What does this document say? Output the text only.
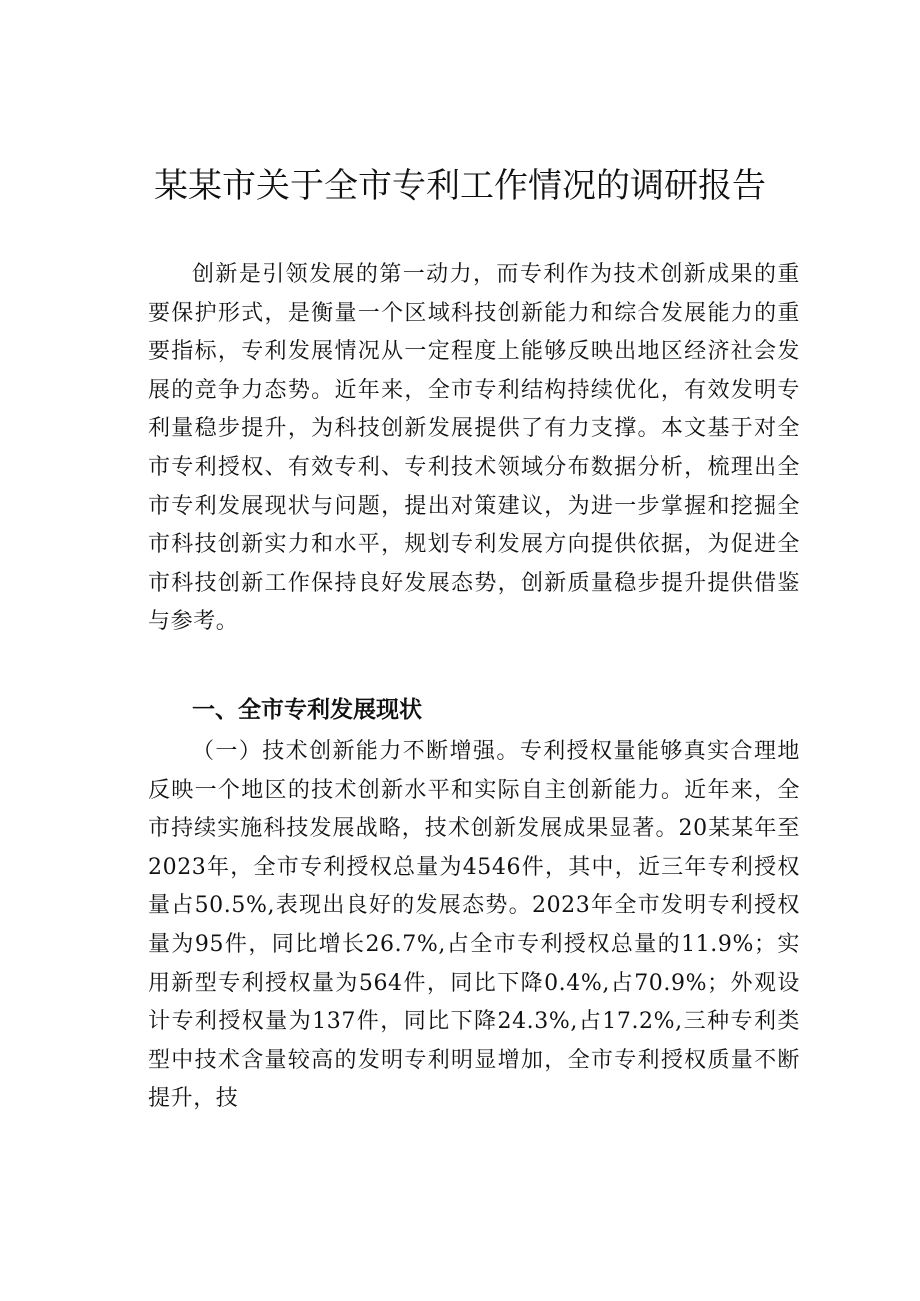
某某市关于全市专利工作情况的调研报告

创新是引领发展的第一动力，而专利作为技术创新成果的重要保护形式，是衡量一个区域科技创新能力和综合发展能力的重要指标，专利发展情况从一定程度上能够反映出地区经济社会发展的竞争力态势。近年来，全市专利结构持续优化，有效发明专利量稳步提升，为科技创新发展提供了有力支撑。本文基于对全市专利授权、有效专利、专利技术领域分布数据分析，梳理出全市专利发展现状与问题，提出对策建议，为进一步掌握和挖掘全市科技创新实力和水平，规划专利发展方向提供依据，为促进全市科技创新工作保持良好发展态势，创新质量稳步提升提供借鉴与参考。

一、全市专利发展现状

（一）技术创新能力不断增强。专利授权量能够真实合理地反映一个地区的技术创新水平和实际自主创新能力。近年来，全市持续实施科技发展战略，技术创新发展成果显著。20某某年至2023年，全市专利授权总量为4546件，其中，近三年专利授权量占50.5%,表现出良好的发展态势。2023年全市发明专利授权量为95件，同比增长26.7%,占全市专利授权总量的11.9%；实用新型专利授权量为564件，同比下降0.4%,占70.9%；外观设计专利授权量为137件，同比下降24.3%,占17.2%,三种专利类型中技术含量较高的发明专利明显增加，全市专利授权质量不断提升，技
